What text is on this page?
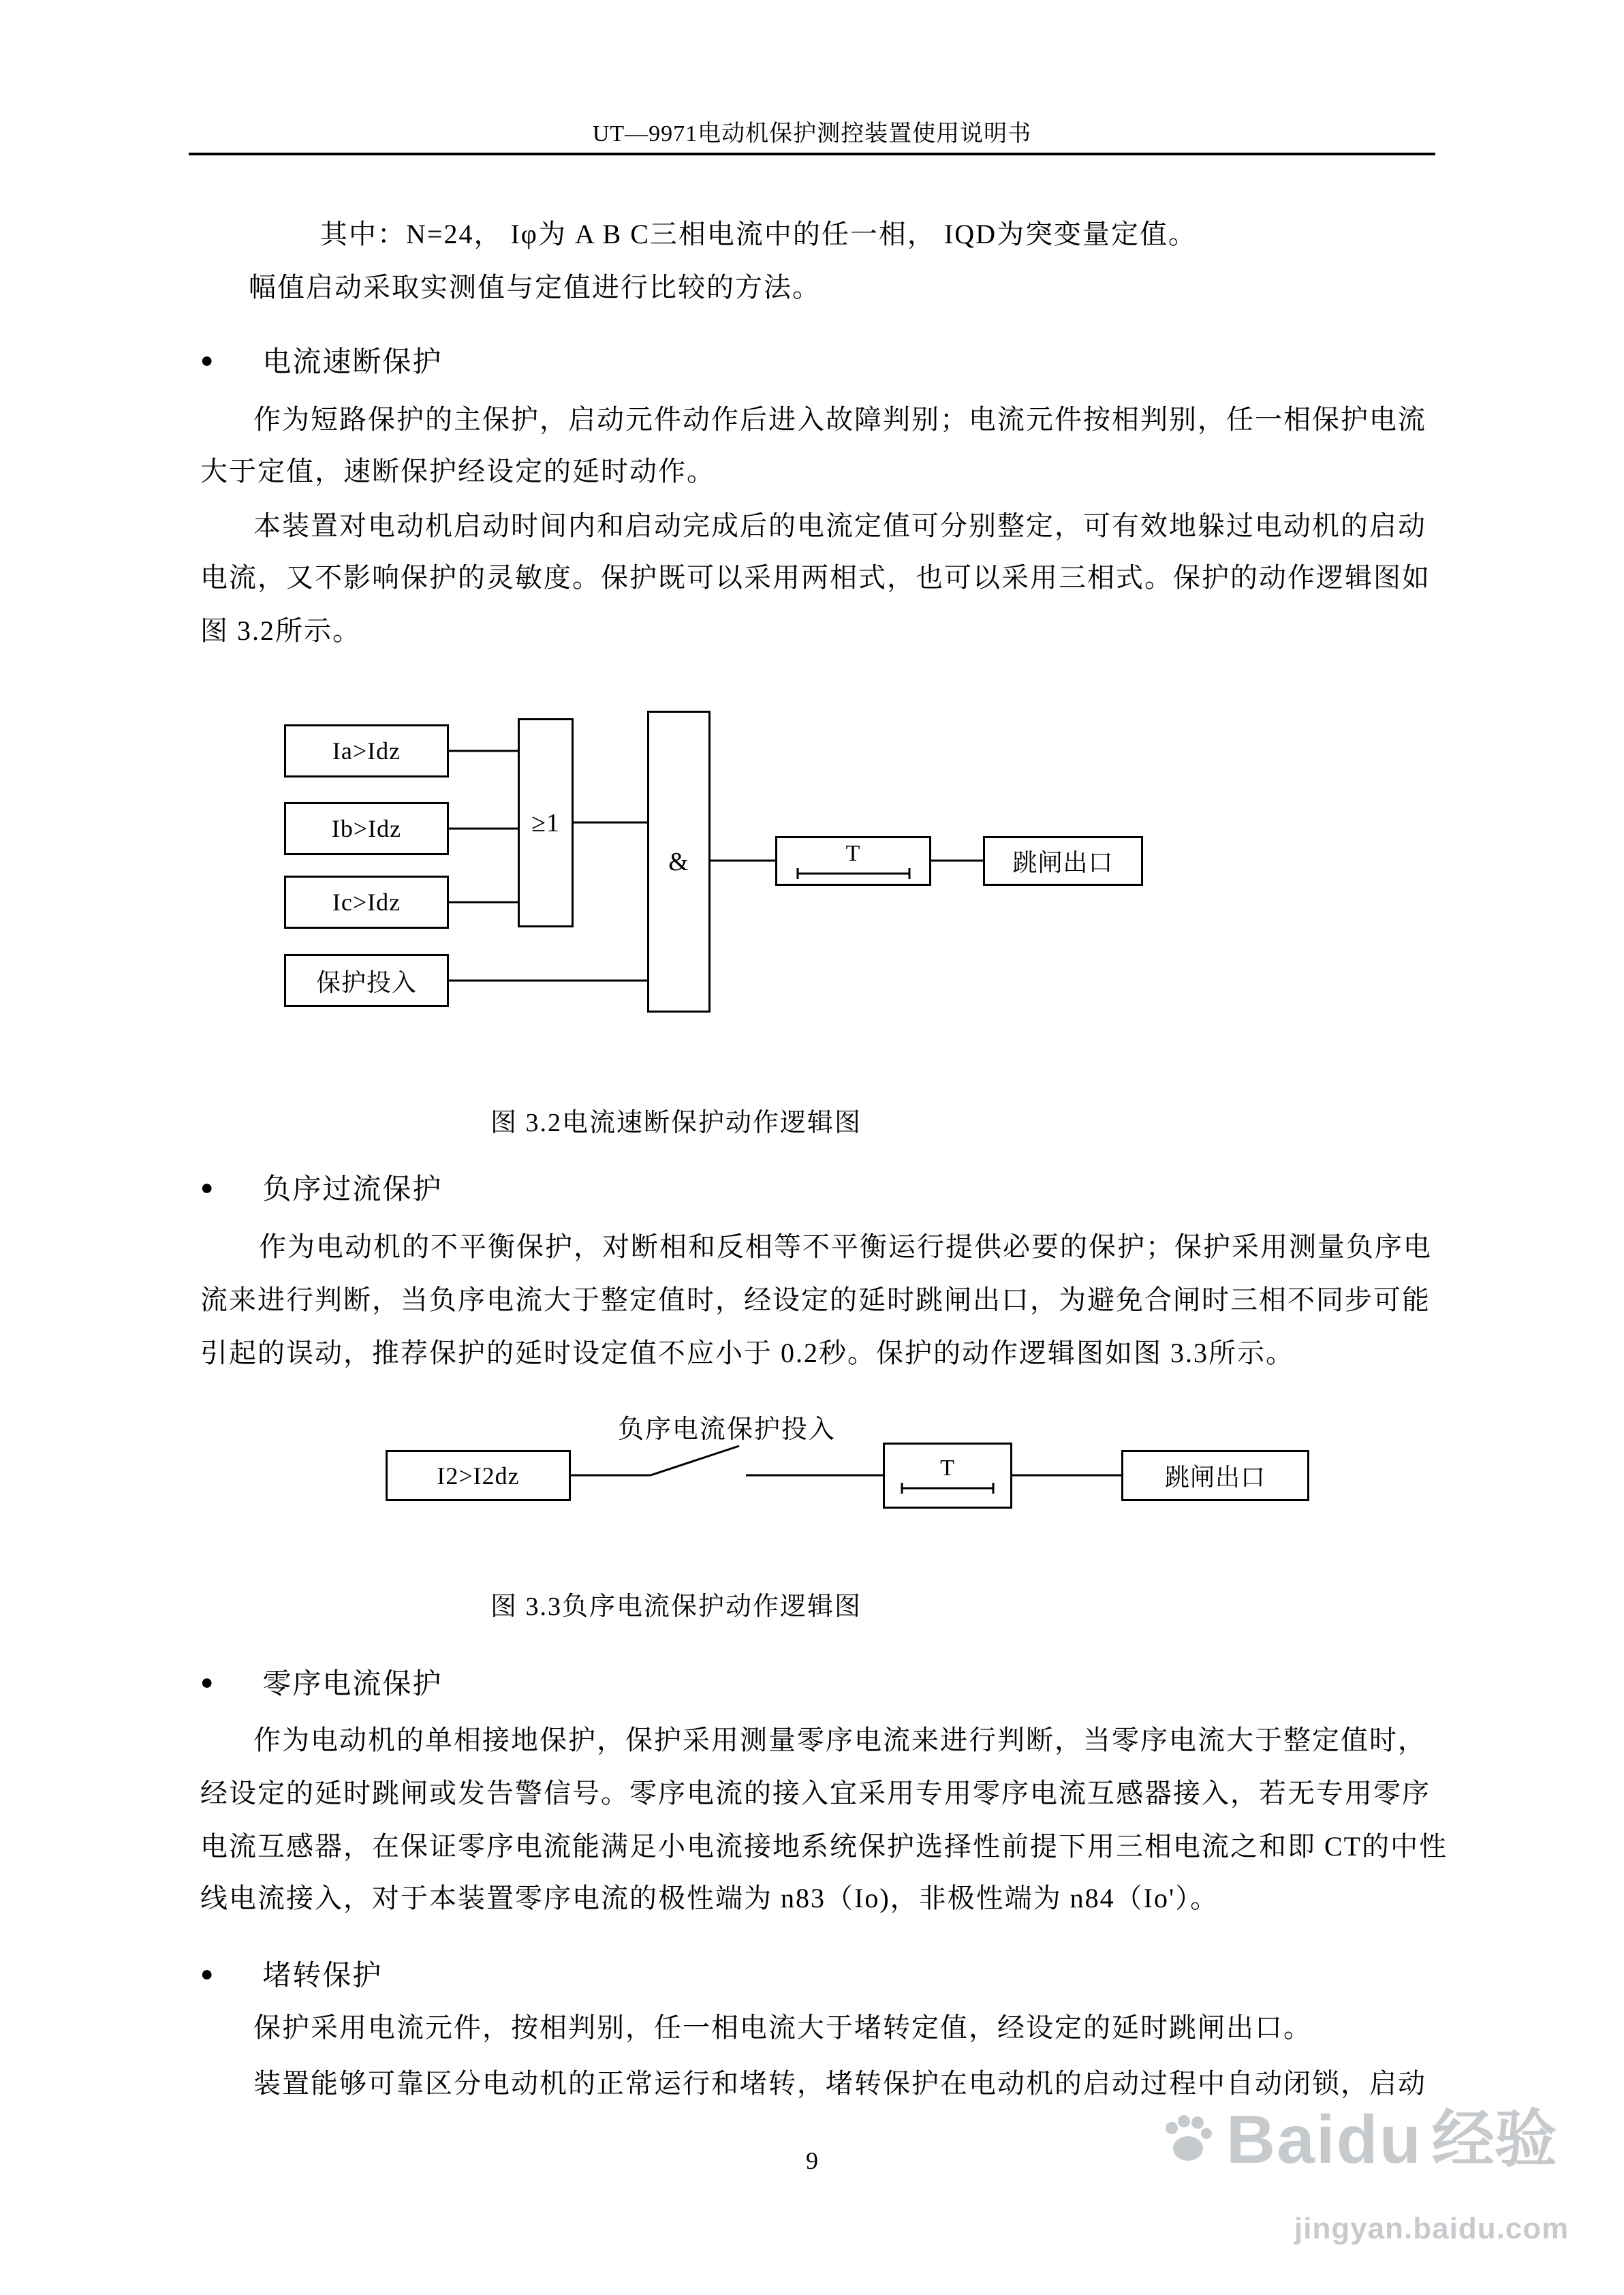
UT—9971电动机保护测控装置使用说明书
其中：N=24， Iφ为 A B C三相电流中的任一相， IQD为突变量定值。
幅值启动采取实测值与定值进行比较的方法。
● 电流速断保护
作为短路保护的主保护，启动元件动作后进入故障判别；电流元件按相判别，任一相保护电流
大于定值，速断保护经设定的延时动作。
本装置对电动机启动时间内和启动完成后的电流定值可分别整定，可有效地躲过电动机的启动
电流，又不影响保护的灵敏度。保护既可以采用两相式，也可以采用三相式。保护的动作逻辑图如
图 3.2所示。
Ia>Idz
Ib>Idz
Ic>Idz
保护投入
≥1
&	T	跳闸出口
图 3.2电流速断保护动作逻辑图
● 负序过流保护
作为电动机的不平衡保护，对断相和反相等不平衡运行提供必要的保护；保护采用测量负序电
流来进行判断，当负序电流大于整定值时，经设定的延时跳闸出口，为避免合闸时三相不同步可能
引起的误动，推荐保护的延时设定值不应小于 0.2秒。保护的动作逻辑图如图 3.3所示。
负序电流保护投入
I2>I2dz	T	跳闸出口
图 3.3负序电流保护动作逻辑图
● 零序电流保护
作为电动机的单相接地保护，保护采用测量零序电流来进行判断，当零序电流大于整定值时，
经设定的延时跳闸或发告警信号。零序电流的接入宜采用专用零序电流互感器接入，若无专用零序
电流互感器，在保证零序电流能满足小电流接地系统保护选择性前提下用三相电流之和即 CT的中性
线电流接入，对于本装置零序电流的极性端为 n83（Io)，非极性端为 n84（Io'）。
● 堵转保护
保护采用电流元件，按相判别，任一相电流大于堵转定值，经设定的延时跳闸出口。
装置能够可靠区分电动机的正常运行和堵转，堵转保护在电动机的启动过程中自动闭锁，启动
9	Baidu 经验
jingyan.baidu.com
